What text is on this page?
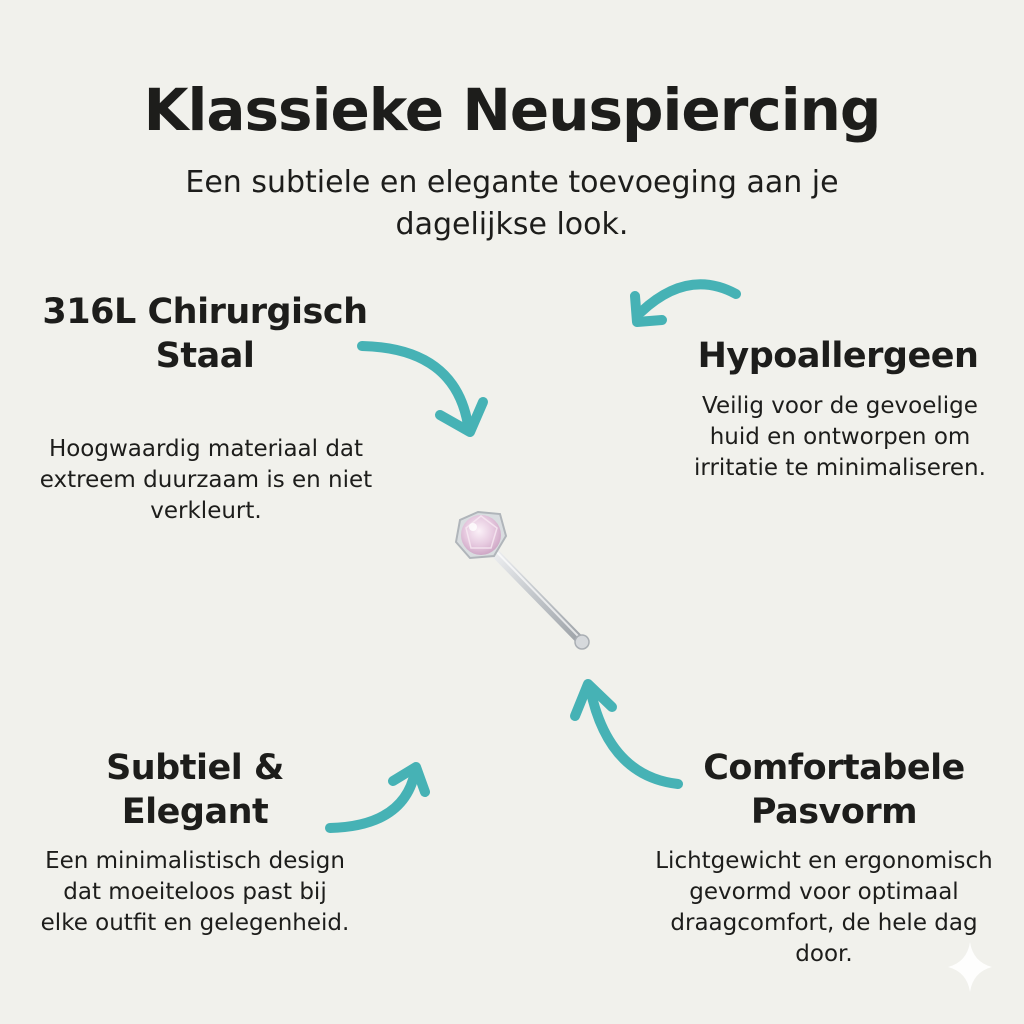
Klassieke Neuspiercing
Een subtiele en elegante toevoeging aan je dagelijkse look.
316L Chirurgisch Staal
Hoogwaardig materiaal dat extreem duurzaam is en niet verkleurt.
Hypoallergeen
Veilig voor de gevoelige huid en ontworpen om irritatie te minimaliseren.
Subtiel & Elegant
Een minimalistisch design dat moeiteloos past bij elke outfit en gelegenheid.
Comfortabele Pasvorm
Lichtgewicht en ergonomisch gevormd voor optimaal draagcomfort, de hele dag door.
